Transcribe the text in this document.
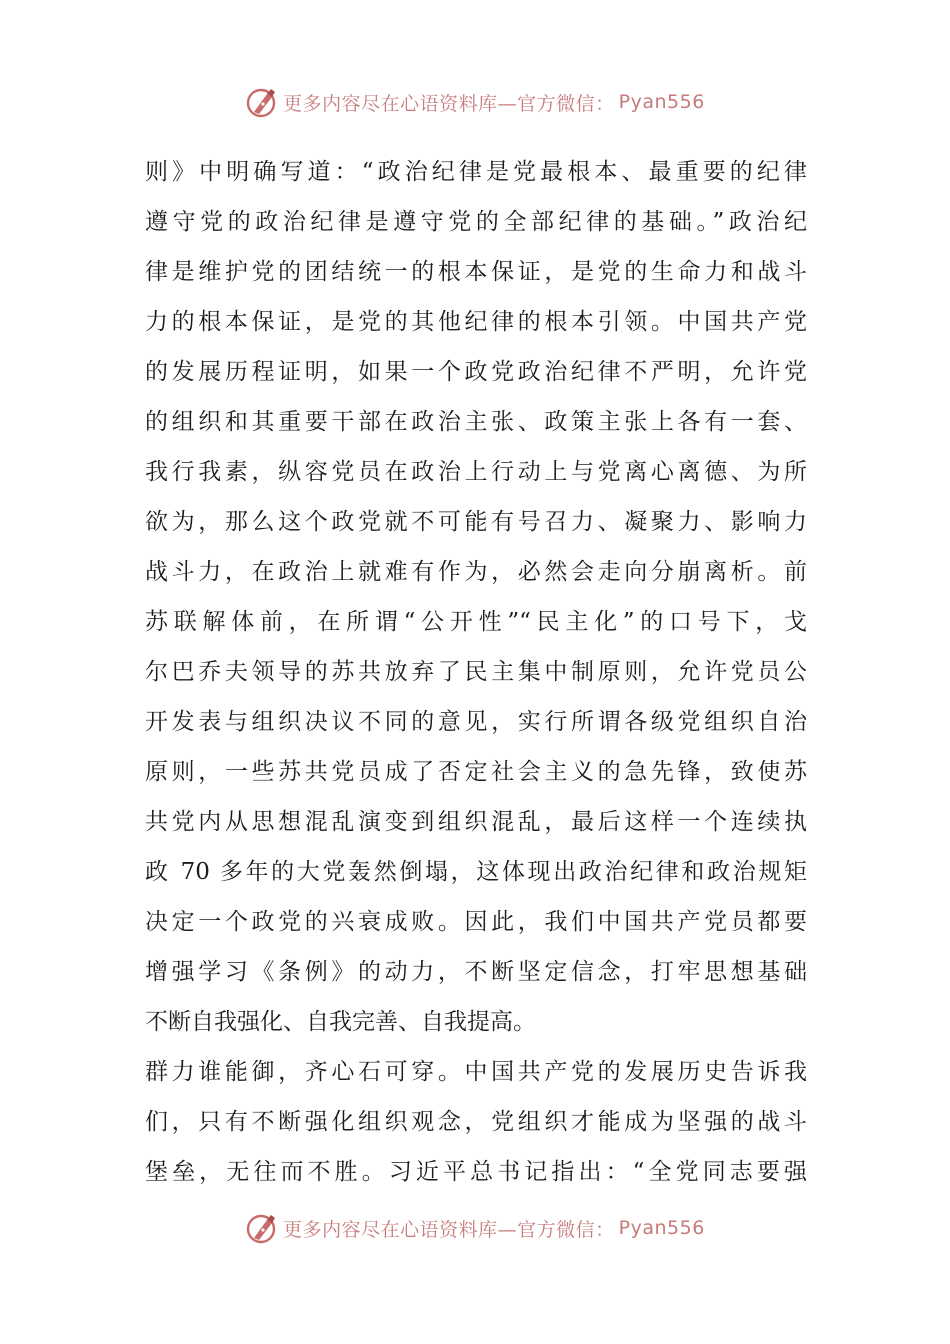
更多内容尽在心语资料库—官方微信： Pyan556
则》中明确写道：“政治纪律是党最根本、最重要的纪律
遵守党的政治纪律是遵守党的全部纪律的基础。”政治纪
律是维护党的团结统一的根本保证，是党的生命力和战斗
力的根本保证，是党的其他纪律的根本引领。中国共产党
的发展历程证明，如果一个政党政治纪律不严明，允许党
的组织和其重要干部在政治主张、政策主张上各有一套、
我行我素，纵容党员在政治上行动上与党离心离德、为所
欲为，那么这个政党就不可能有号召力、凝聚力、影响力
战斗力，在政治上就难有作为，必然会走向分崩离析。前
苏联解体前，在所谓“公开性”“民主化”的口号下，戈
尔巴乔夫领导的苏共放弃了民主集中制原则，允许党员公
开发表与组织决议不同的意见，实行所谓各级党组织自治
原则，一些苏共党员成了否定社会主义的急先锋，致使苏
共党内从思想混乱演变到组织混乱，最后这样一个连续执
政 70 多年的大党轰然倒塌，这体现出政治纪律和政治规矩
决定一个政党的兴衰成败。因此，我们中国共产党员都要
增强学习《条例》的动力，不断坚定信念，打牢思想基础
不断自我强化、自我完善、自我提高。
群力谁能御，齐心石可穿。中国共产党的发展历史告诉我
们，只有不断强化组织观念，党组织才能成为坚强的战斗
堡垒，无往而不胜。习近平总书记指出：“全党同志要强
更多内容尽在心语资料库—官方微信： Pyan556
